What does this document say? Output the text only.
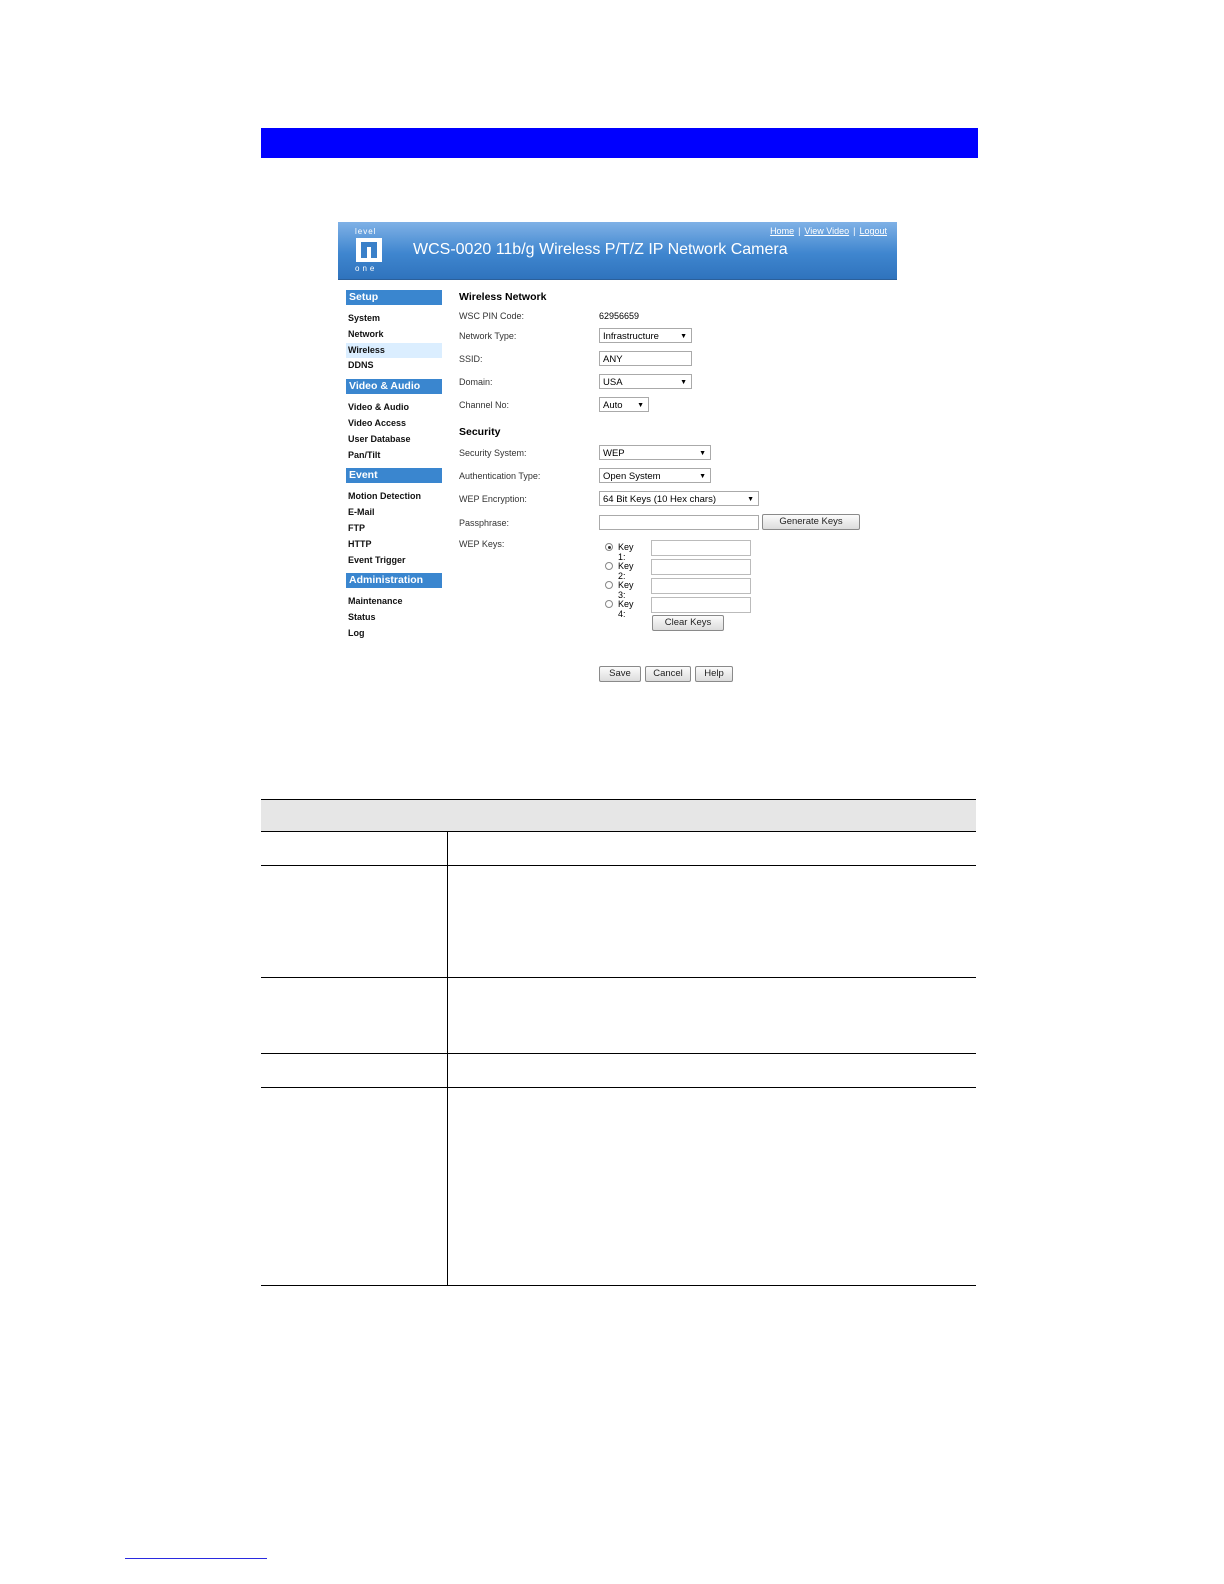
level
one
WCS-0020 11b/g Wireless P/T/Z IP Network Camera
Home | View Video | Logout
Setup
System
Network
Wireless
DDNS
Video & Audio
Video & Audio
Video Access
User Database
Pan/Tilt
Event
Motion Detection
E-Mail
FTP
HTTP
Event Trigger
Administration
Maintenance
Status
Log
Wireless Network
WSC PIN Code:	62956659
Network Type:	Infrastructure	▼
SSID:	ANY
Domain:	USA	▼
Channel No:	Auto ▼
Security
Security System:	WEP	▼
Authentication Type:	Open System	▼
WEP Encryption:	64 Bit Keys (10 Hex chars)	▼
Passphrase:	Generate Keys
WEP Keys:	Key 1:
Key 2:
Key 3:
Key 4:
Clear Keys
Save	Cancel	Help
